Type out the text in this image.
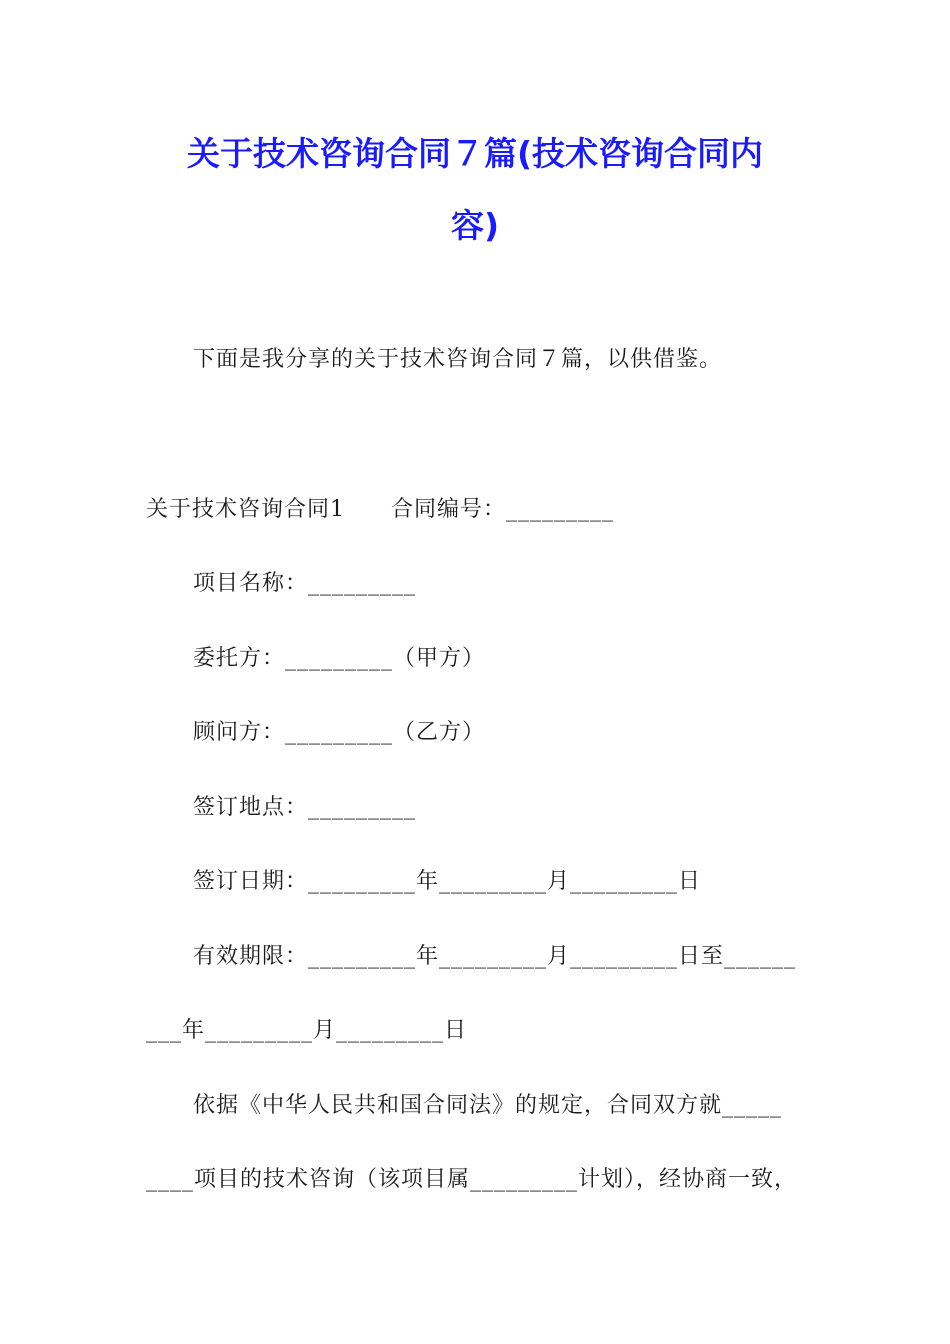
关于技术咨询合同７篇(技术咨询合同内
容)
下面是我分享的关于技术咨询合同７篇，以供借鉴。
关于技术咨询合同1　　合同编号：_________
项目名称：_________
委托方：_________（甲方）
顾问方：_________（乙方）
签订地点：_________
签订日期：_________年_________月_________日
有效期限：_________年_________月_________日至______
___年_________月_________日
依据《中华人民共和国合同法》的规定，合同双方就_____
____项目的技术咨询（该项目属_________计划），经协商一致，
